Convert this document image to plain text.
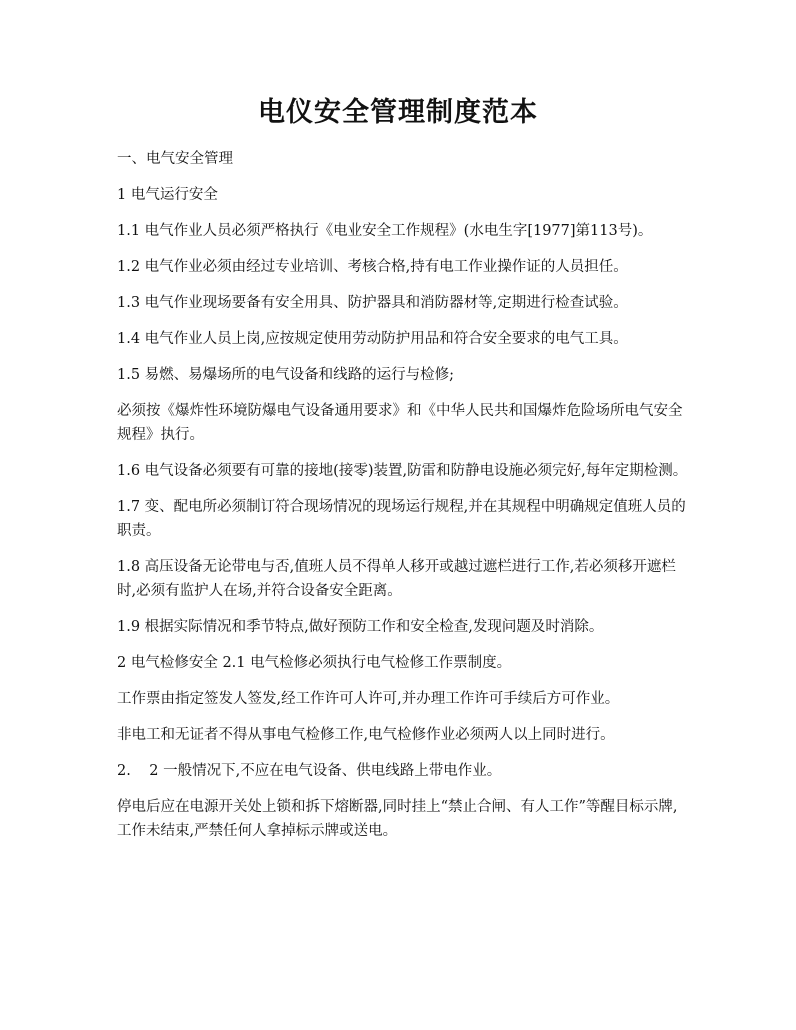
电仪安全管理制度范本

一、电气安全管理

1 电气运行安全

1.1 电气作业人员必须严格执行《电业安全工作规程》(水电生字[1977]第113号)。

1.2 电气作业必须由经过专业培训、考核合格,持有电工作业操作证的人员担任。

1.3 电气作业现场要备有安全用具、防护器具和消防器材等,定期进行检查试验。

1.4 电气作业人员上岗,应按规定使用劳动防护用品和符合安全要求的电气工具。

1.5 易燃、易爆场所的电气设备和线路的运行与检修;

必须按《爆炸性环境防爆电气设备通用要求》和《中华人民共和国爆炸危险场所电气安全规程》执行。

1.6 电气设备必须要有可靠的接地(接零)装置,防雷和防静电设施必须完好,每年定期检测。

1.7 变、配电所必须制订符合现场情况的现场运行规程,并在其规程中明确规定值班人员的职责。

1.8 高压设备无论带电与否,值班人员不得单人移开或越过遮栏进行工作,若必须移开遮栏时,必须有监护人在场,并符合设备安全距离。

1.9 根据实际情况和季节特点,做好预防工作和安全检查,发现问题及时消除。

2 电气检修安全 2.1 电气检修必须执行电气检修工作票制度。

工作票由指定签发人签发,经工作许可人许可,并办理工作许可手续后方可作业。

非电工和无证者不得从事电气检修工作,电气检修作业必须两人以上同时进行。

2.    2 一般情况下,不应在电气设备、供电线路上带电作业。

停电后应在电源开关处上锁和拆下熔断器,同时挂上“禁止合闸、有人工作”等醒目标示牌,工作未结束,严禁任何人拿掉标示牌或送电。
